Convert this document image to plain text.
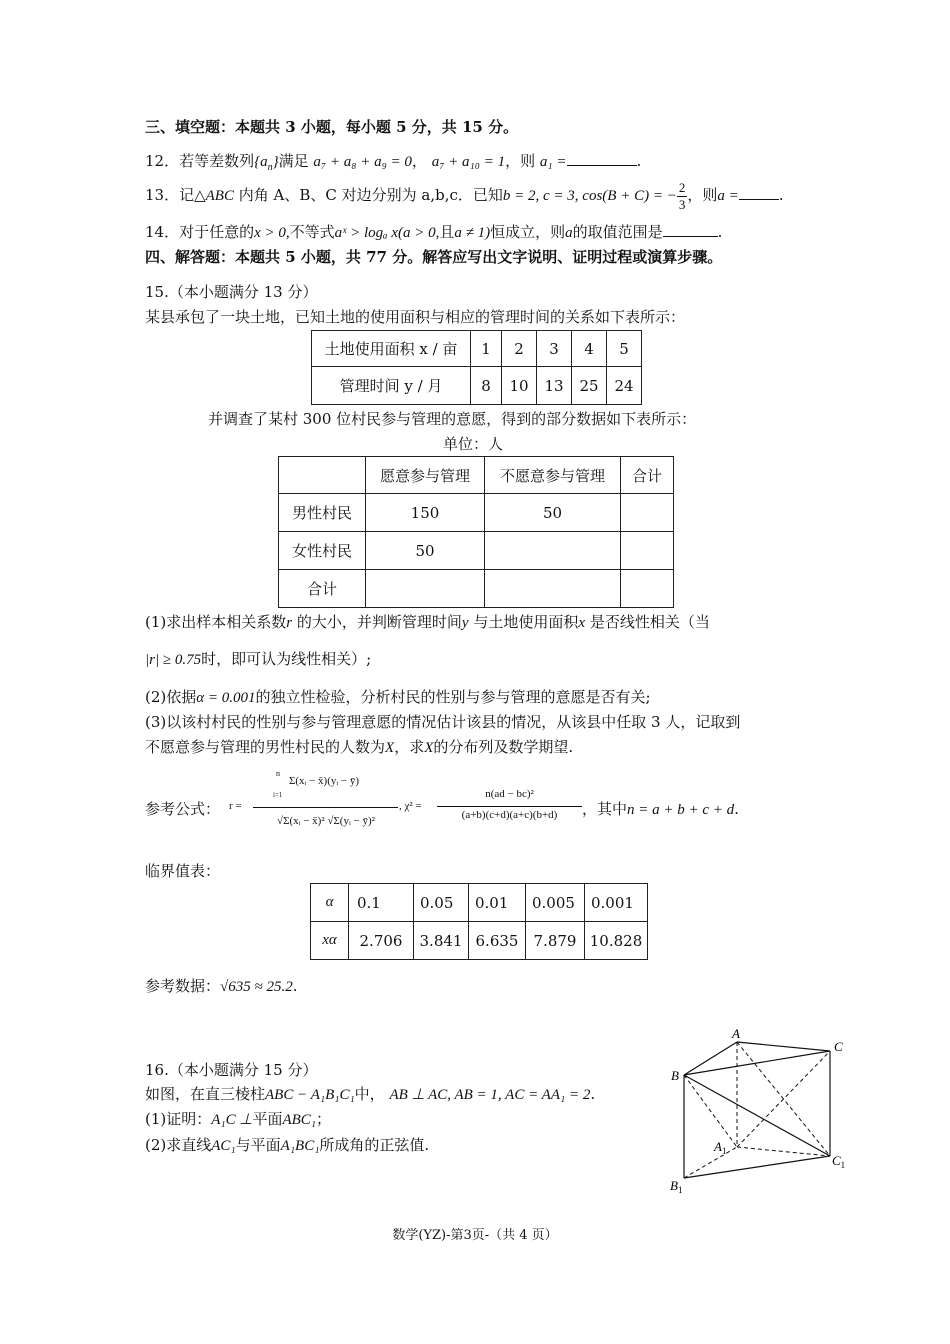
三、填空题：本题共 3 小题，每小题 5 分，共 15 分。
12．若等差数列$\{a_n\}$满足 a₇ + a₈ + a₉ = 0， a₇ + a₁₀ = 1，则 a₁ =	.
13．记△ABC 内角 A、B、C 对边分别为 a,b,c．已知b = 2, c = 3, cos(B + C) = − $\frac{2}{3}$ ，则a =	.
14．对于任意的x > 0,不等式aˣ > logₐ x(a > 0,且a ≠ 1)恒成立，则a的取值范围是	.
四、解答题：本题共 5 小题，共 77 分。解答应写出文字说明、证明过程或演算步骤。
15.（本小题满分 13 分）
某县承包了一块土地，已知土地的使用面积与相应的管理时间的关系如下表所示：
土地使用面积 x / 亩	1	2	3	4	5
管理时间 y / 月	8	10	13	25	24
并调查了某村 300 位村民参与管理的意愿，得到的部分数据如下表所示：
单位：人
	愿意参与管理	不愿意参与管理	合计
男性村民	150	50	
女性村民	50		
合计			
(1)求出样本相关系数r 的大小，并判断管理时间y 与土地使用面积x 是否线性相关（当
|r| ≥ 0.75时，即可认为线性相关）;
(2)依据α = 0.001的独立性检验，分析村民的性别与参与管理的意愿是否有关;
(3)以该村村民的性别与参与管理意愿的情况估计该县的情况，从该县中任取 3 人，记取到
不愿意参与管理的男性村民的人数为X，求X的分布列及数学期望.
参考公式： r =
n
Σ(xᵢ − x̄)(yᵢ − ȳ)
i=1
√Σ(xᵢ − x̄)² √Σ(yᵢ − ȳ)²
, χ² =
n(ad − bc)²
(a+b)(c+d)(a+c)(b+d)	，其中n = a + b + c + d.
临界值表：
α	0.1	0.05	0.01	0.005	0.001
xα	2.706	3.841	6.635	7.879	10.828
参考数据：√635 ≈ 25.2.
16.（本小题满分 15 分）
如图，在直三棱柱ABC − A₁B₁C₁中， AB ⊥ AC, AB = 1, AC = AA₁ = 2.
(1)证明：A₁C ⊥平面ABC₁；
(2)求直线AC₁与平面A₁BC₁所成角的正弦值.
A
B
C
$A_1$
$B_1$
$C_1$
数学(YZ)-第3页-（共 4 页）
